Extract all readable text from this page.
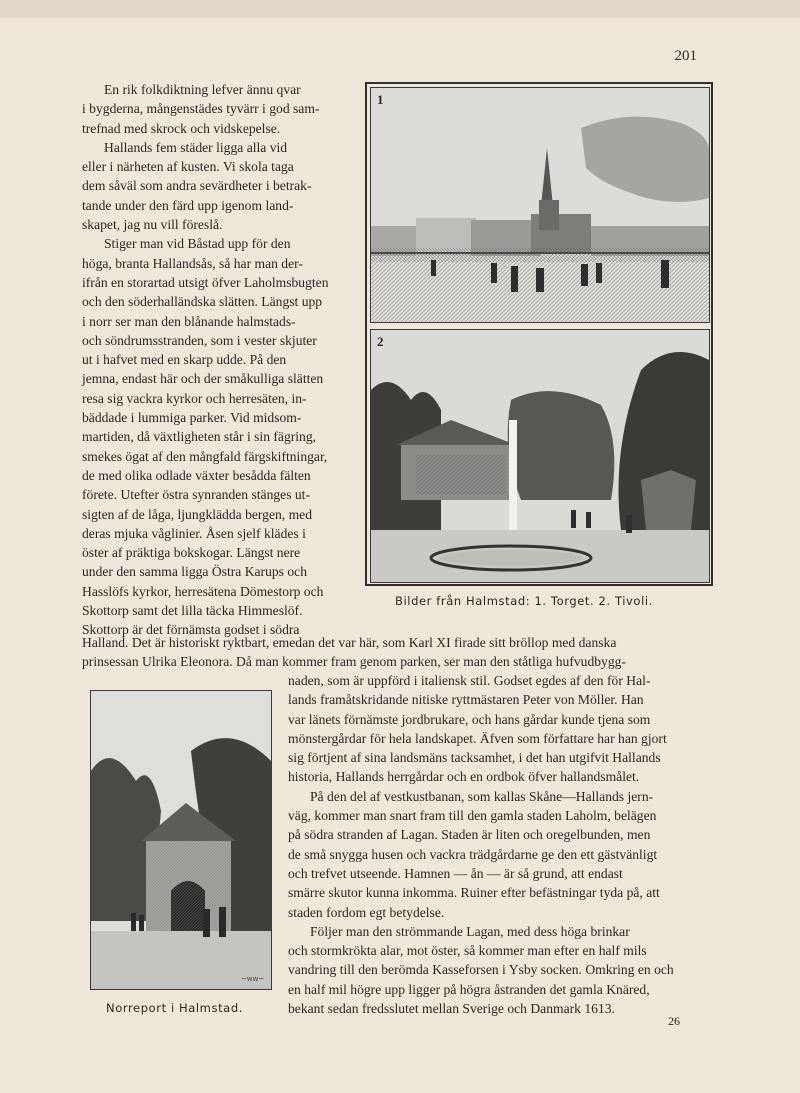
201

En rik folkdiktning lefver ännu qvar

i bygderna, mångenstädes tyvärr i god sam-

trefnad med skrock och vidskepelse.

Hallands fem städer ligga alla vid

eller i närheten af kusten. Vi skola taga

dem såväl som andra sevärdheter i betrak-

tande under den färd upp igenom land-

skapet, jag nu vill föreslå.

Stiger man vid Båstad upp för den

höga, branta Hallandsås, så har man der-

ifrån en storartad utsigt öfver Laholmsbugten

och den söderhalländska slätten. Längst upp

i norr ser man den blånande halmstads-

och söndrumsstranden, som i vester skjuter

ut i hafvet med en skarp udde. På den

jemna, endast här och der småkulliga slätten

resa sig vackra kyrkor och herresäten, in-

bäddade i lummiga parker. Vid midsom-

martiden, då växtligheten står i sin fägring,

smekes ögat af den mångfald färgskiftningar,

de med olika odlade växter besådda fälten

förete. Utefter östra synranden stänges ut-

sigten af de låga, ljungklädda bergen, med

deras mjuka våglinier. Åsen sjelf klädes i

öster af präktiga bokskogar. Längst nere

under den samma ligga Östra Karups och

Hasslöfs kyrkor, herresätena Dömestorp och

Skottorp samt det lilla täcka Himmeslöf.

Skottorp är det förnämsta godset i södra

1
2
Bilder från Halmstad: 1. Torget. 2. Tivoli.

Halland. Det är historiskt ryktbart, emedan det var här, som Karl XI firade sitt bröllop med danska

prinsessan Ulrika Eleonora. Då man kommer fram genom parken, ser man den ståtliga hufvudbygg-

~ww~
Norreport i Halmstad.

naden, som är uppförd i italiensk stil. Godset egdes af den för Hal-

lands framåtskridande nitiske ryttmästaren Peter von Möller. Han

var länets förnämste jordbrukare, och hans gårdar kunde tjena som

mönstergårdar för hela landskapet. Äfven som författare har han gjort

sig förtjent af sina landsmäns tacksamhet, i det han utgifvit Hallands

historia, Hallands herrgårdar och en ordbok öfver hallandsmålet.

På den del af vestkustbanan, som kallas Skåne—Hallands jern-

väg, kommer man snart fram till den gamla staden Laholm, belägen

på södra stranden af Lagan. Staden är liten och oregelbunden, men

de små snygga husen och vackra trädgårdarne ge den ett gästvänligt

och trefvet utseende. Hamnen — ån — är så grund, att endast

smärre skutor kunna inkomma. Ruiner efter befästningar tyda på, att

staden fordom egt betydelse.

Följer man den strömmande Lagan, med dess höga brinkar

och stormkrökta alar, mot öster, så kommer man efter en half mils

vandring till den berömda Kasseforsen i Ysby socken. Omkring en och

en half mil högre upp ligger på högra åstranden det gamla Knäred,

bekant sedan fredsslutet mellan Sverige och Danmark 1613.

26
